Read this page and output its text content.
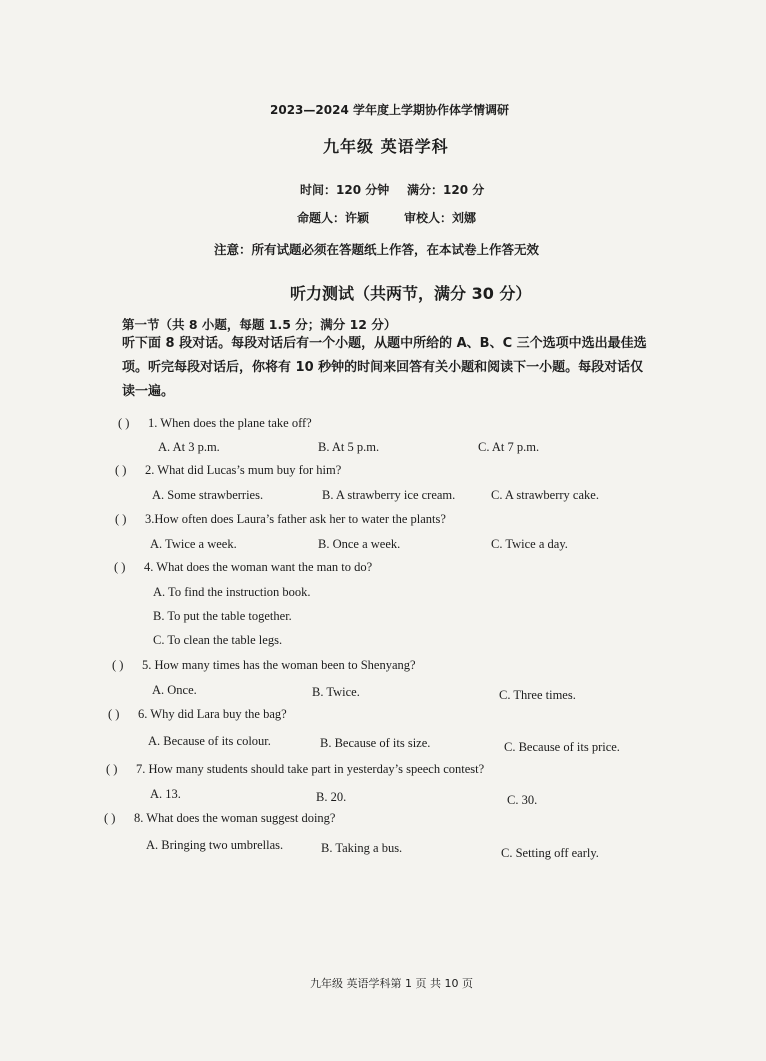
2023—2024 学年度上学期协作体学情调研
九年级 英语学科
时间：120 分钟 满分：120 分
命题人：许颖	审校人：刘娜
注意：所有试题必须在答题纸上作答，在本试卷上作答无效
听力测试（共两节，满分 30 分）
第一节（共 8 小题，每题 1.5 分；满分 12 分）
听下面 8 段对话。每段对话后有一个小题，从题中所给的 A、B、C 三个选项中选出最佳选项。听完每段对话后，你将有 10 秒钟的时间来回答有关小题和阅读下一小题。每段对话仅读一遍。
( ) 1. When does the plane take off?
A. At 3 p.m.	B. At 5 p.m.	C. At 7 p.m.
( ) 2. What did Lucas’s mum buy for him?
A. Some strawberries.	B. A strawberry ice cream.	C. A strawberry cake.
( ) 3.How often does Laura’s father ask her to water the plants?
A. Twice a week.	B. Once a week.	C. Twice a day.
( ) 4. What does the woman want the man to do?
A. To find the instruction book.
B. To put the table together.
C. To clean the table legs.
( ) 5. How many times has the woman been to Shenyang?
A. Once.	B. Twice.	C. Three times.
( ) 6. Why did Lara buy the bag?
A. Because of its colour.	B. Because of its size.	C. Because of its price.
( ) 7. How many students should take part in yesterday’s speech contest?
A. 13.	B. 20.	C. 30.
( ) 8. What does the woman suggest doing?
A. Bringing two umbrellas.	B. Taking a bus.	C. Setting off early.
九年级 英语学科第 1 页 共 10 页
